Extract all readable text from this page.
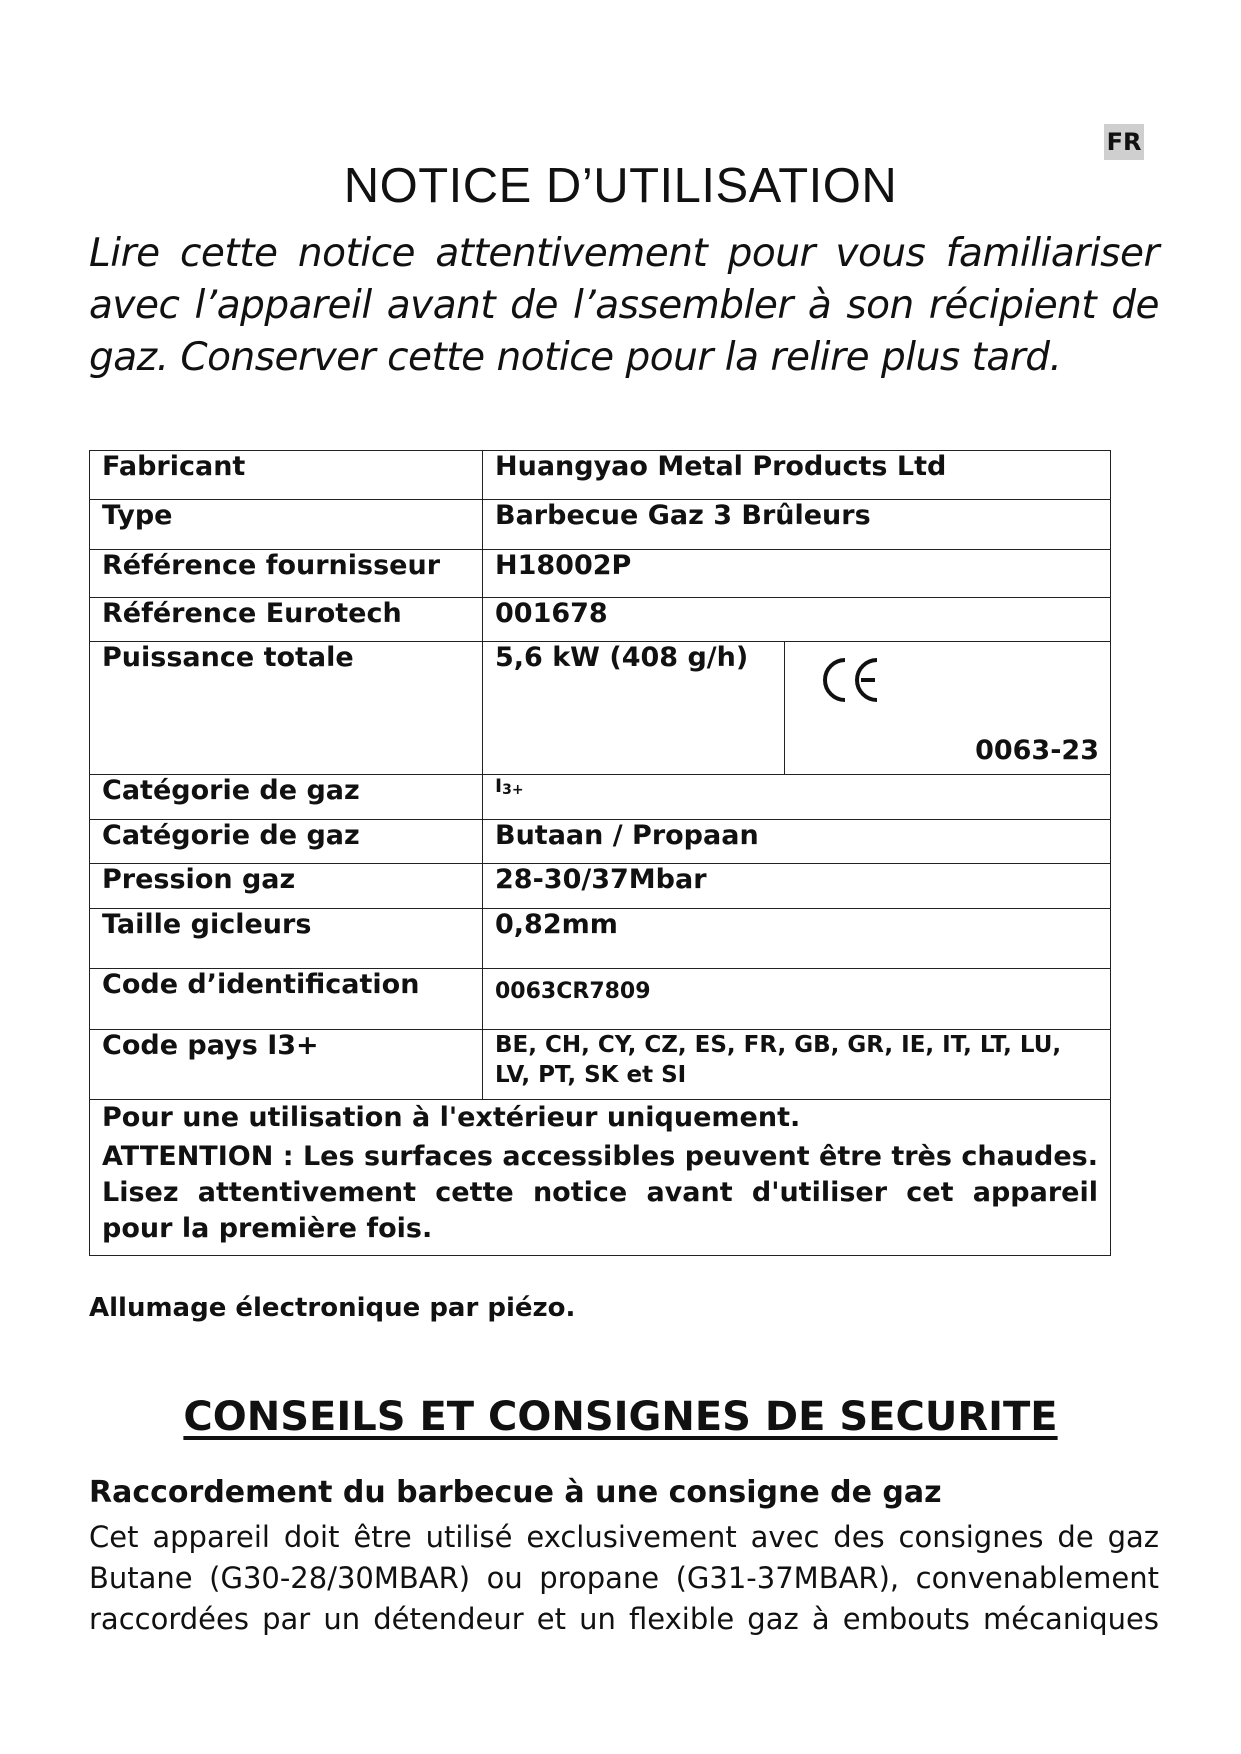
FR
NOTICE D’UTILISATION
Lire cette notice attentivement pour vous familiariser avec l’appareil avant de l’assembler à son récipient de gaz. Conserver cette notice pour la relire plus tard.
Fabricant	Huangyao Metal Products Ltd	
Type	Barbecue Gaz 3 Brûleurs	
Référence fournisseur	H18002P	
Référence Eurotech	001678	
Puissance totale	5,6 kW (408 g/h)	0063-23

Catégorie de gaz	$I_{3+}$
Catégorie de gaz	Butaan / Propaan	
Pression gaz	28-30/37Mbar	
Taille gicleurs	0,82mm	
Code d’identification	0063CR7809	
Code pays I3+	BE, CH, CY, CZ, ES, FR, GB, GR, IE, IT, LT, LU, LV, PT, SK et SI	

Pour une utilisation à l'extérieur uniquement.
ATTENTION : Les surfaces accessibles peuvent être très chaudes. Lisez attentivement cette notice avant d'utiliser cet appareil pour la première fois.		
Allumage électronique par piézo.
CONSEILS ET CONSIGNES DE SECURITE
Raccordement du barbecue à une consigne de gaz
Cet appareil doit être utilisé exclusivement avec des consignes de gaz Butane (G30-28/30MBAR) ou propane (G31-37MBAR), convenablement raccordées par un détendeur et un flexible gaz à embouts mécaniques
